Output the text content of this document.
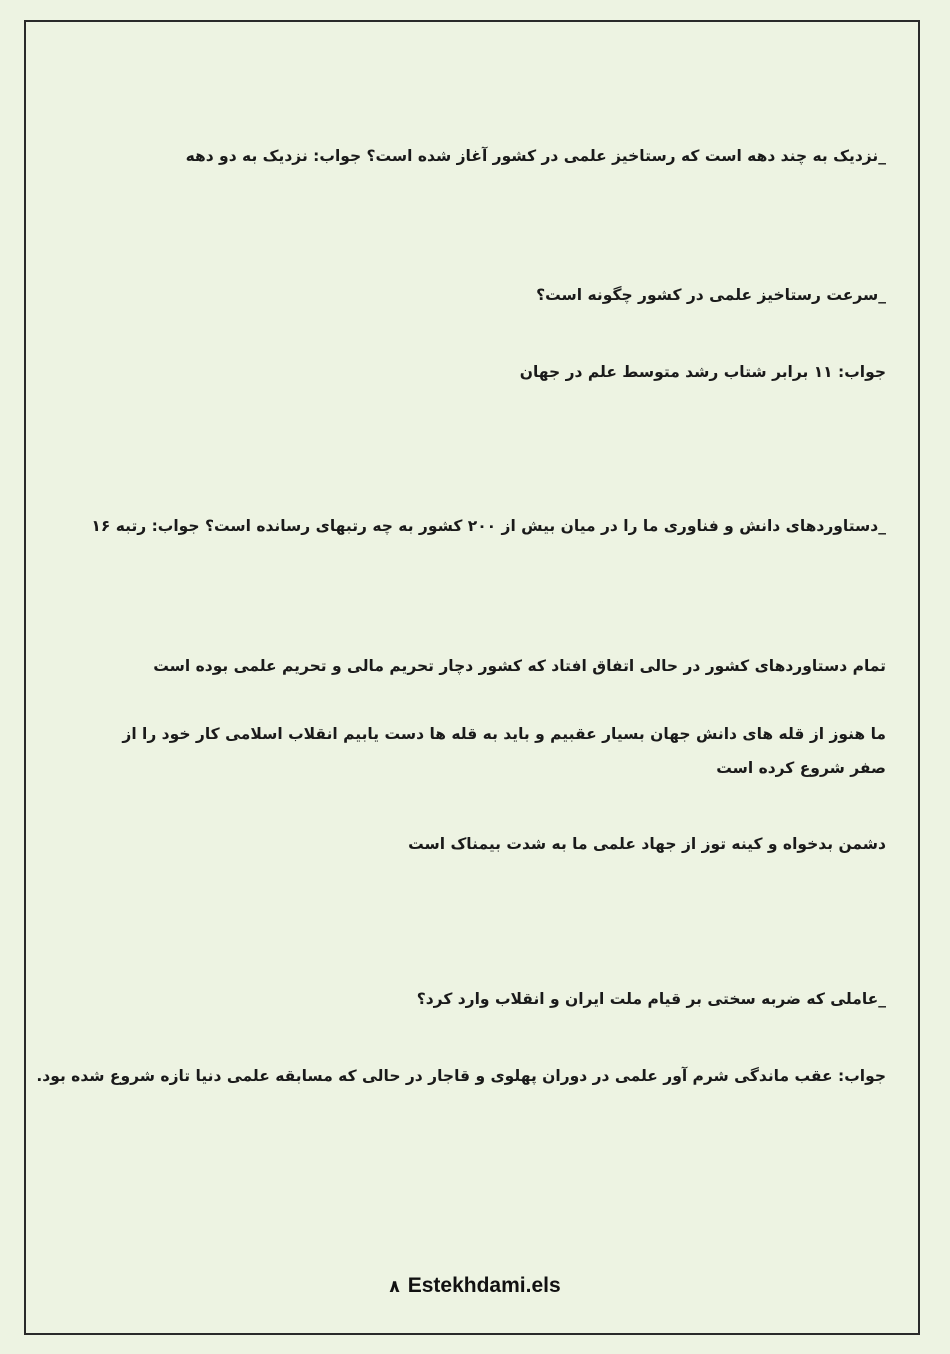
_نزدیک به چند دهه است که رستاخیز علمی در کشور آغاز شده است؟ جواب: نزدیک به دو دهه
_سرعت رستاخیز علمی در کشور چگونه است؟
جواب: ۱۱ برابر شتاب رشد متوسط علم در جهان
_دستاوردهای دانش و فناوری ما را در میان بیش از ۲۰۰ کشور به چه رتبهای رسانده است؟ جواب: رتبه ۱۶
تمام دستاوردهای کشور در حالی اتفاق افتاد که کشور دچار تحریم مالی و تحریم علمی بوده است
ما هنوز از قله های دانش جهان بسیار عقبیم و باید به قله ها دست یابیم انقلاب اسلامی کار خود را از صفر شروع کرده است
دشمن بدخواه و کینه توز از جهاد علمی ما به شدت بیمناک است
_عاملی که ضربه سختی بر قیام ملت ایران و انقلاب وارد کرد؟
جواب: عقب ماندگی شرم آور علمی در دوران پهلوی و قاجار در حالی که مسابقه علمی دنیا تازه شروع شده بود.
۸ Estekhdami.els
